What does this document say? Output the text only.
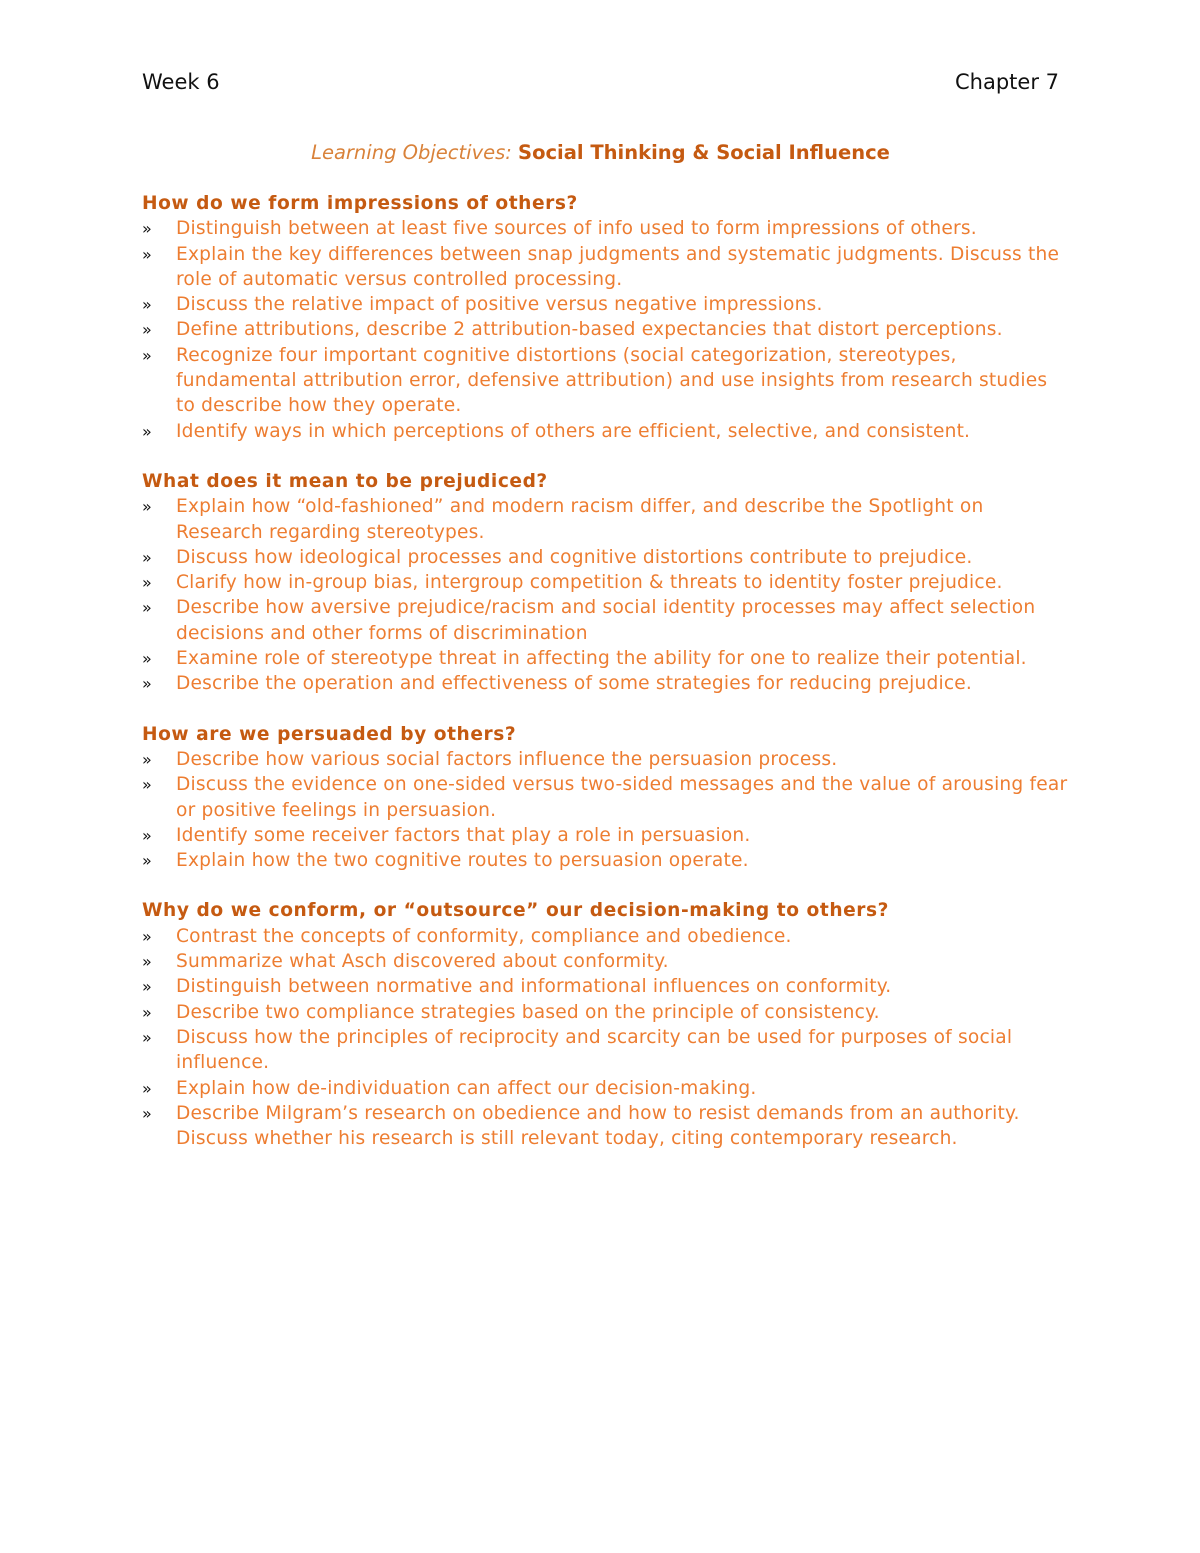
Week 6	Chapter 7
Learning Objectives: Social Thinking & Social Influence
How do we form impressions of others?
» Distinguish between at least five sources of info used to form impressions of others.
» Explain the key differences between snap judgments and systematic judgments. Discuss the role of automatic versus controlled processing.
» Discuss the relative impact of positive versus negative impressions.
» Define attributions, describe 2 attribution-based expectancies that distort perceptions.
» Recognize four important cognitive distortions (social categorization, stereotypes, fundamental attribution error, defensive attribution) and use insights from research studies to describe how they operate.
» Identify ways in which perceptions of others are efficient, selective, and consistent.
What does it mean to be prejudiced?
» Explain how “old-fashioned” and modern racism differ, and describe the Spotlight on Research regarding stereotypes.
» Discuss how ideological processes and cognitive distortions contribute to prejudice.
» Clarify how in-group bias, intergroup competition & threats to identity foster prejudice.
» Describe how aversive prejudice/racism and social identity processes may affect selection decisions and other forms of discrimination
» Examine role of stereotype threat in affecting the ability for one to realize their potential.
» Describe the operation and effectiveness of some strategies for reducing prejudice.
How are we persuaded by others?
» Describe how various social factors influence the persuasion process.
» Discuss the evidence on one-sided versus two-sided messages and the value of arousing fear or positive feelings in persuasion.
» Identify some receiver factors that play a role in persuasion.
» Explain how the two cognitive routes to persuasion operate.
Why do we conform, or “outsource” our decision-making to others?
» Contrast the concepts of conformity, compliance and obedience.
» Summarize what Asch discovered about conformity.
» Distinguish between normative and informational influences on conformity.
» Describe two compliance strategies based on the principle of consistency.
» Discuss how the principles of reciprocity and scarcity can be used for purposes of social influence.
» Explain how de-individuation can affect our decision-making.
» Describe Milgram’s research on obedience and how to resist demands from an authority. Discuss whether his research is still relevant today, citing contemporary research.
